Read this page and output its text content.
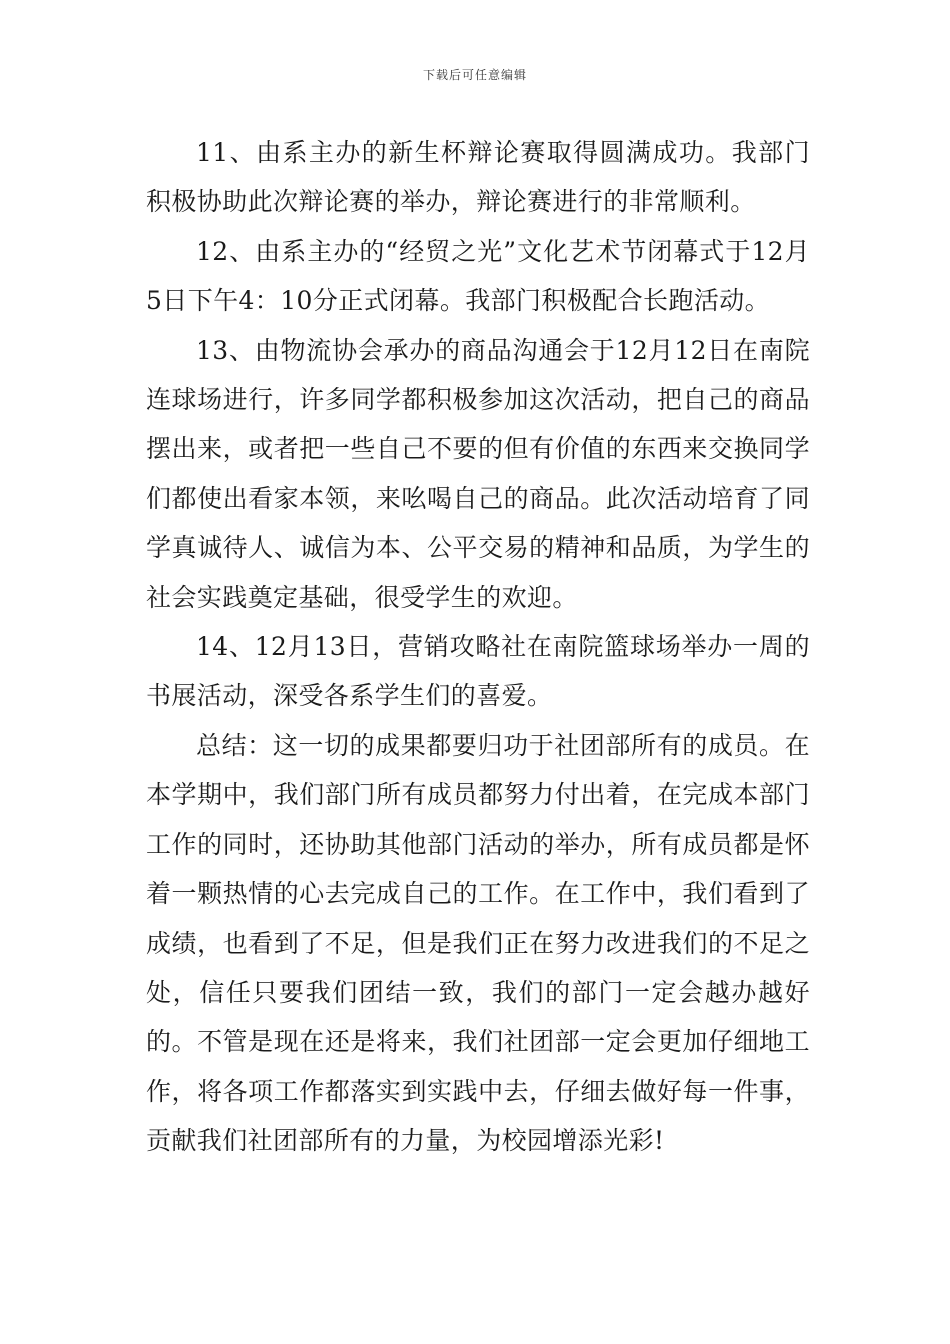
下载后可任意编辑

11、由系主办的新生杯辩论赛取得圆满成功。我部门积极协助此次辩论赛的举办，辩论赛进行的非常顺利。

12、由系主办的“经贸之光”文化艺术节闭幕式于12月5日下午4：10分正式闭幕。我部门积极配合长跑活动。

13、由物流协会承办的商品沟通会于12月12日在南院连球场进行，许多同学都积极参加这次活动，把自己的商品摆出来，或者把一些自己不要的但有价值的东西来交换同学们都使出看家本领，来吆喝自己的商品。此次活动培育了同学真诚待人、诚信为本、公平交易的精神和品质，为学生的社会实践奠定基础，很受学生的欢迎。

14、12月13日，营销攻略社在南院篮球场举办一周的书展活动，深受各系学生们的喜爱。

总结：这一切的成果都要归功于社团部所有的成员。在本学期中，我们部门所有成员都努力付出着，在完成本部门工作的同时，还协助其他部门活动的举办，所有成员都是怀着一颗热情的心去完成自己的工作。在工作中，我们看到了成绩，也看到了不足，但是我们正在努力改进我们的不足之处，信任只要我们团结一致，我们的部门一定会越办越好的。不管是现在还是将来，我们社团部一定会更加仔细地工作，将各项工作都落实到实践中去，仔细去做好每一件事，贡献我们社团部所有的力量，为校园增添光彩!
